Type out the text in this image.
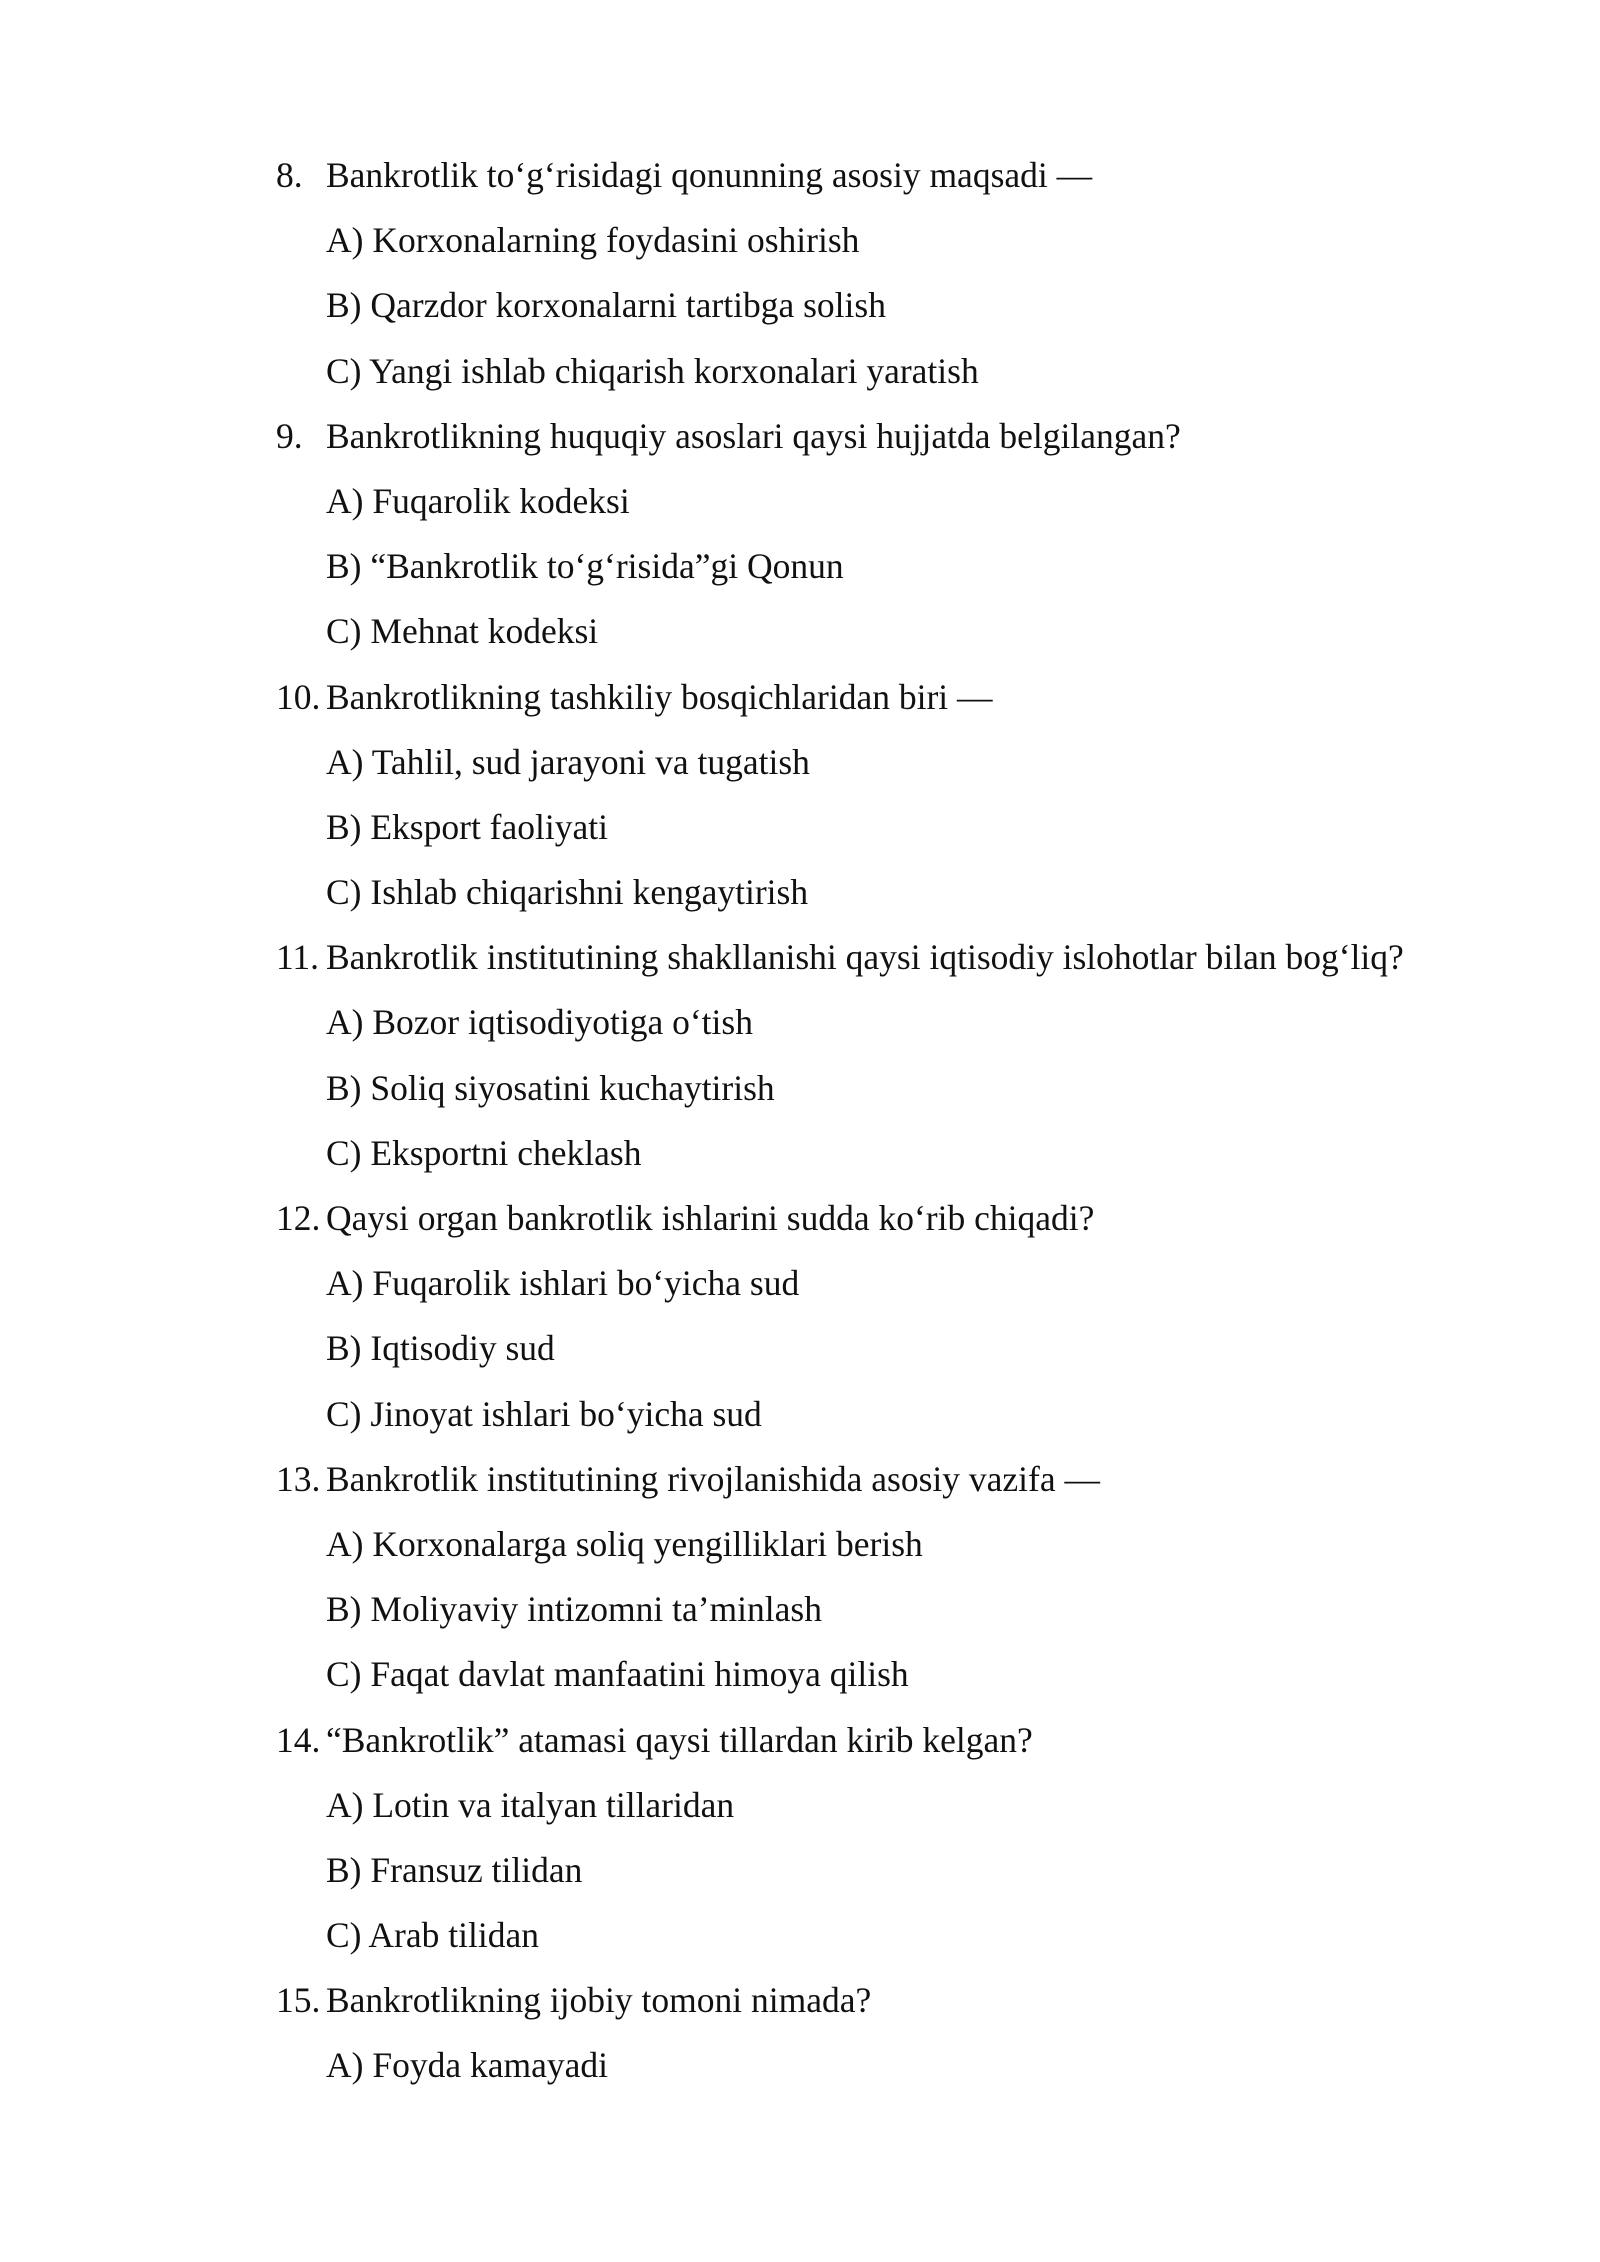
8. Bankrotlik to‘g‘risidagi qonunning asosiy maqsadi —
A) Korxonalarning foydasini oshirish
B) Qarzdor korxonalarni tartibga solish
C) Yangi ishlab chiqarish korxonalari yaratish
9. Bankrotlikning huquqiy asoslari qaysi hujjatda belgilangan?
A) Fuqarolik kodeksi
B) “Bankrotlik to‘g‘risida”gi Qonun
C) Mehnat kodeksi
10. Bankrotlikning tashkiliy bosqichlaridan biri —
A) Tahlil, sud jarayoni va tugatish
B) Eksport faoliyati
C) Ishlab chiqarishni kengaytirish
11. Bankrotlik institutining shakllanishi qaysi iqtisodiy islohotlar bilan bog‘liq?
A) Bozor iqtisodiyotiga o‘tish
B) Soliq siyosatini kuchaytirish
C) Eksportni cheklash
12. Qaysi organ bankrotlik ishlarini sudda ko‘rib chiqadi?
A) Fuqarolik ishlari bo‘yicha sud
B) Iqtisodiy sud
C) Jinoyat ishlari bo‘yicha sud
13. Bankrotlik institutining rivojlanishida asosiy vazifa —
A) Korxonalarga soliq yengilliklari berish
B) Moliyaviy intizomni ta’minlash
C) Faqat davlat manfaatini himoya qilish
14. “Bankrotlik” atamasi qaysi tillardan kirib kelgan?
A) Lotin va italyan tillaridan
B) Fransuz tilidan
C) Arab tilidan
15. Bankrotlikning ijobiy tomoni nimada?
A) Foyda kamayadi
